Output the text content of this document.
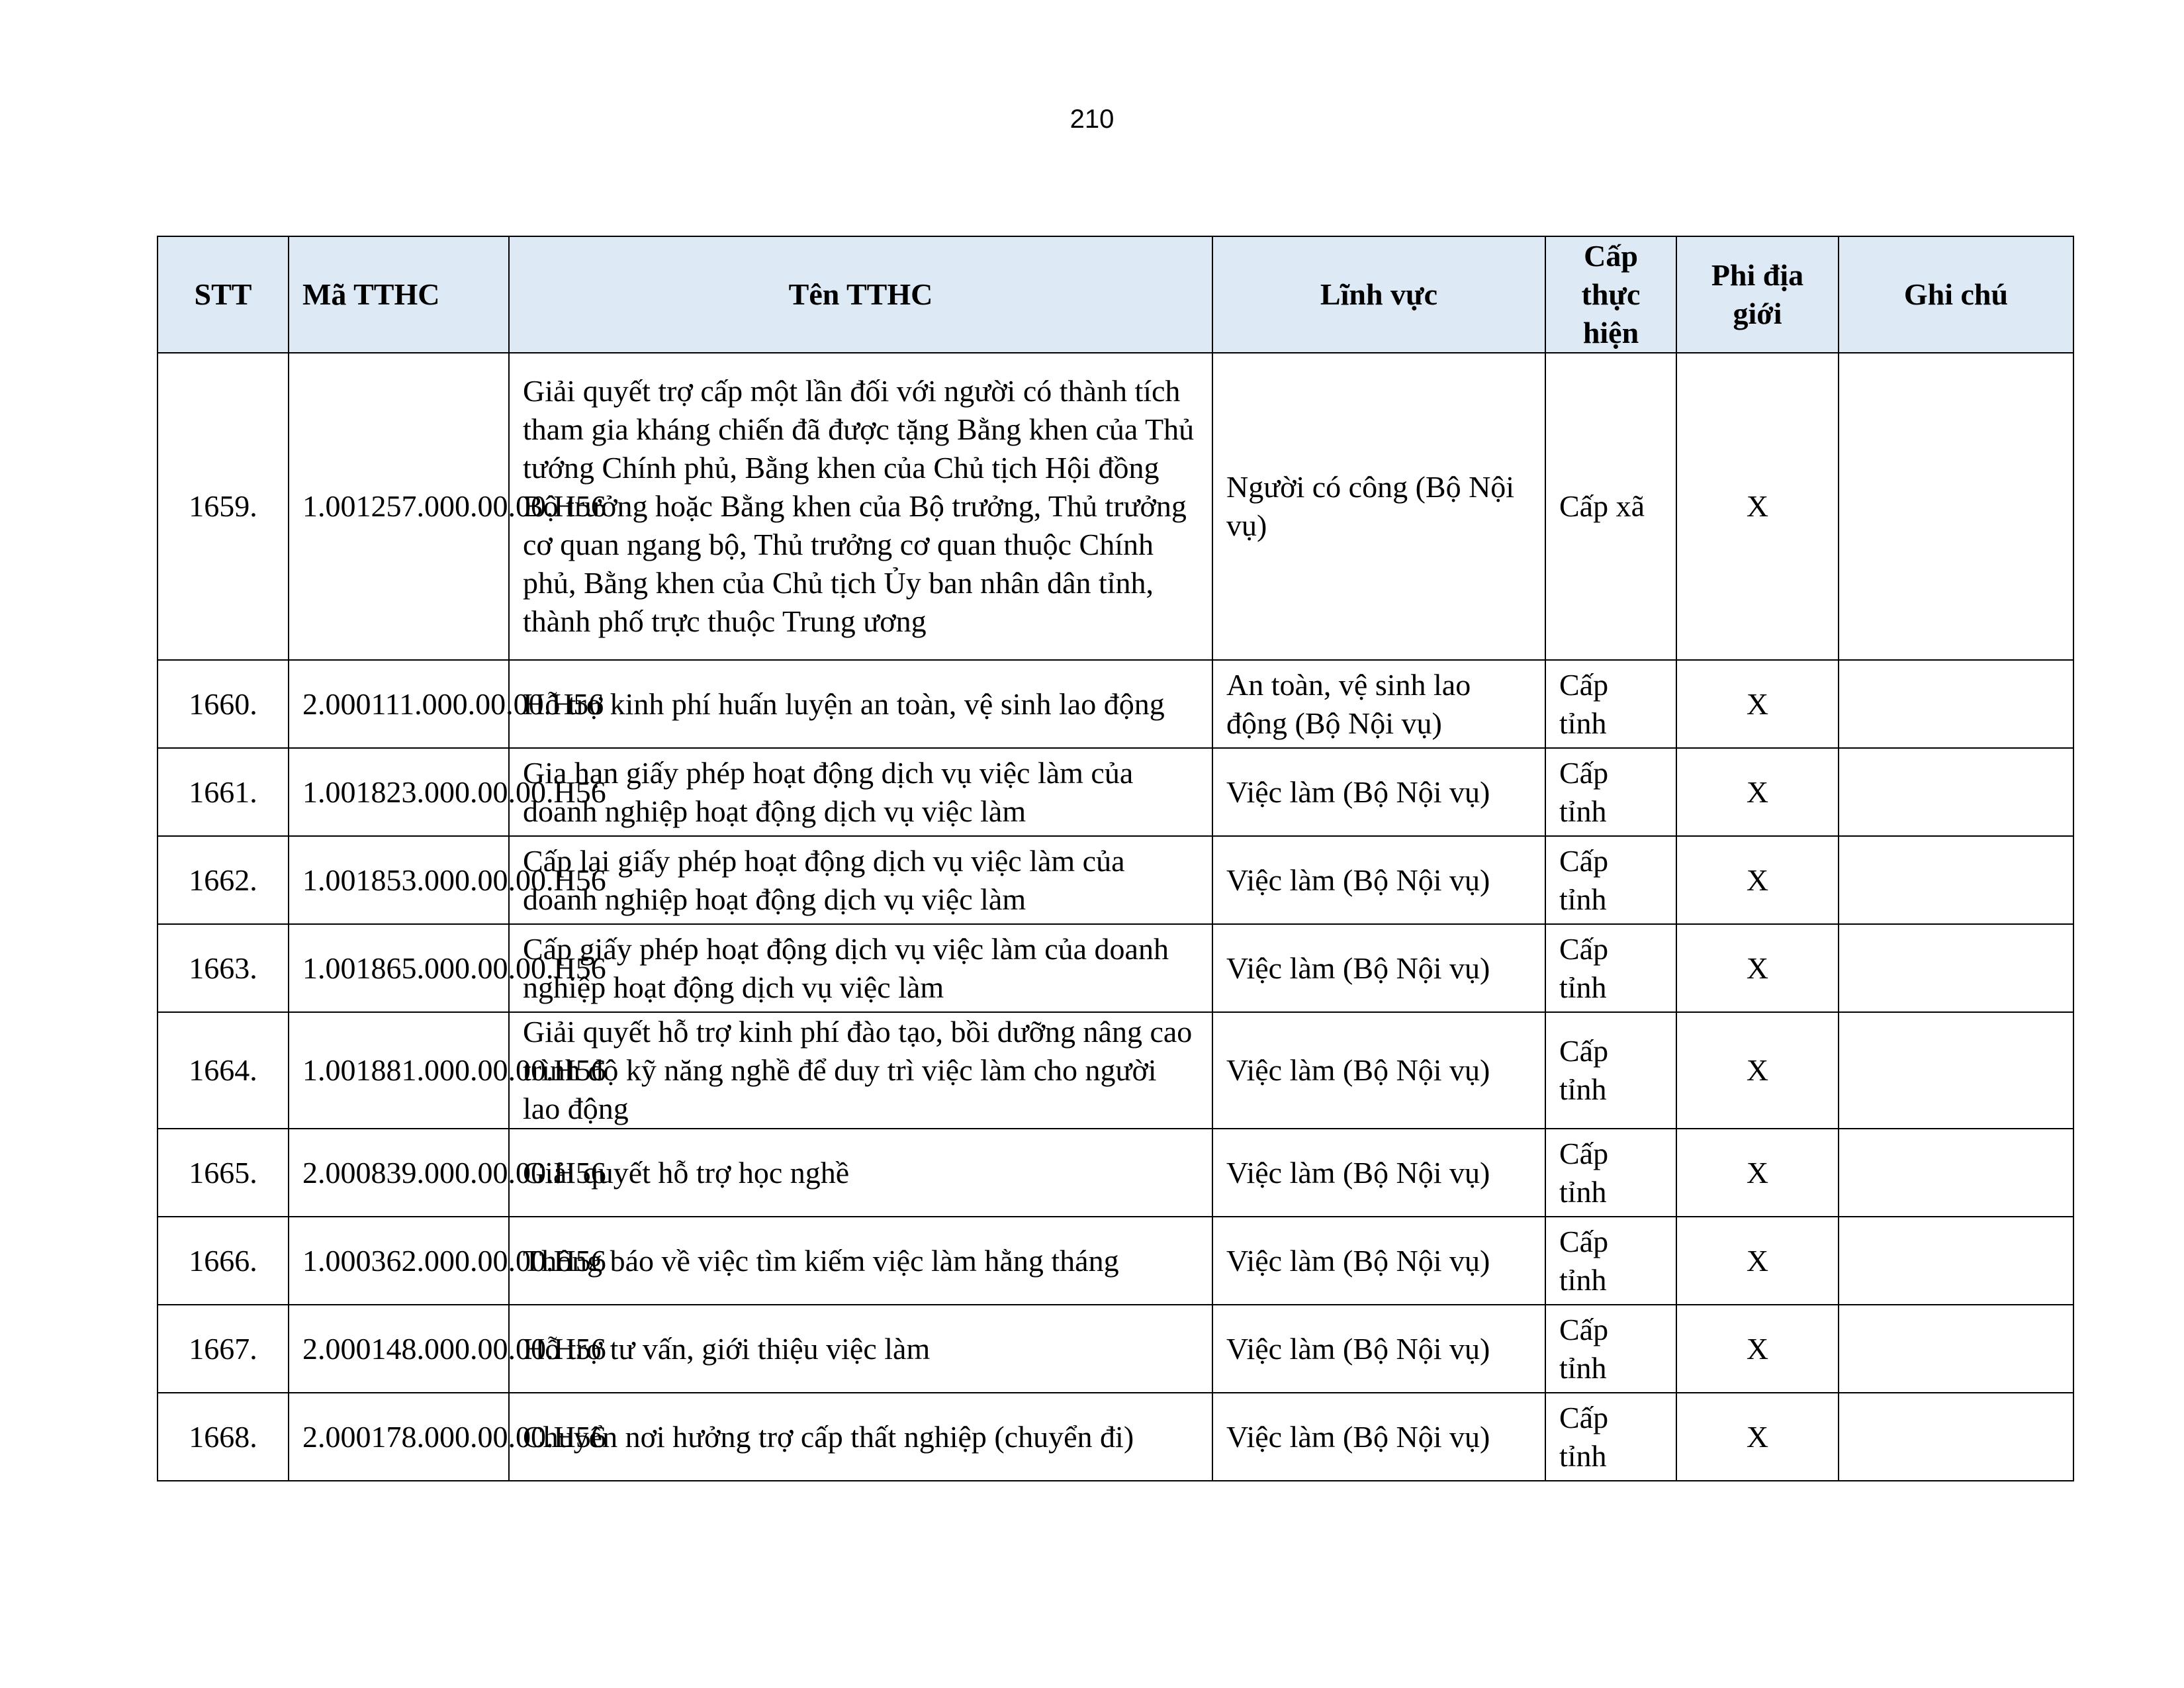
210
STT	Mã TTHC	Tên TTHC	Lĩnh vực	Cấp thực hiện	Phi địa giới	Ghi chú
1659.	1.001257.000.00.00.H56	Giải quyết trợ cấp một lần đối với người có thành tích tham gia kháng chiến đã được tặng Bằng khen của Thủ tướng Chính phủ, Bằng khen của Chủ tịch Hội đồng Bộ trưởng hoặc Bằng khen của Bộ trưởng, Thủ trưởng cơ quan ngang bộ, Thủ trưởng cơ quan thuộc Chính phủ, Bằng khen của Chủ tịch Ủy ban nhân dân tỉnh, thành phố trực thuộc Trung ương	Người có công (Bộ Nội vụ)	Cấp xã	X	
1660.	2.000111.000.00.00.H56	Hỗ trợ kinh phí huấn luyện an toàn, vệ sinh lao động	An toàn, vệ sinh lao động (Bộ Nội vụ)	Cấp tỉnh	X	
1661.	1.001823.000.00.00.H56	Gia hạn giấy phép hoạt động dịch vụ việc làm của doanh nghiệp hoạt động dịch vụ việc làm	Việc làm (Bộ Nội vụ)	Cấp tỉnh	X	
1662.	1.001853.000.00.00.H56	Cấp lại giấy phép hoạt động dịch vụ việc làm của doanh nghiệp hoạt động dịch vụ việc làm	Việc làm (Bộ Nội vụ)	Cấp tỉnh	X	
1663.	1.001865.000.00.00.H56	Cấp giấy phép hoạt động dịch vụ việc làm của doanh nghiệp hoạt động dịch vụ việc làm	Việc làm (Bộ Nội vụ)	Cấp tỉnh	X	
1664.	1.001881.000.00.00.H56	Giải quyết hỗ trợ kinh phí đào tạo, bồi dưỡng nâng cao trình độ kỹ năng nghề để duy trì việc làm cho người lao động	Việc làm (Bộ Nội vụ)	Cấp tỉnh	X	
1665.	2.000839.000.00.00.H56	Giải quyết hỗ trợ học nghề	Việc làm (Bộ Nội vụ)	Cấp tỉnh	X	
1666.	1.000362.000.00.00.H56	Thông báo về việc tìm kiếm việc làm hằng tháng	Việc làm (Bộ Nội vụ)	Cấp tỉnh	X	
1667.	2.000148.000.00.00.H56	Hỗ trợ tư vấn, giới thiệu việc làm	Việc làm (Bộ Nội vụ)	Cấp tỉnh	X	
1668.	2.000178.000.00.00.H56	Chuyển nơi hưởng trợ cấp thất nghiệp (chuyển đi)	Việc làm (Bộ Nội vụ)	Cấp tỉnh	X	
